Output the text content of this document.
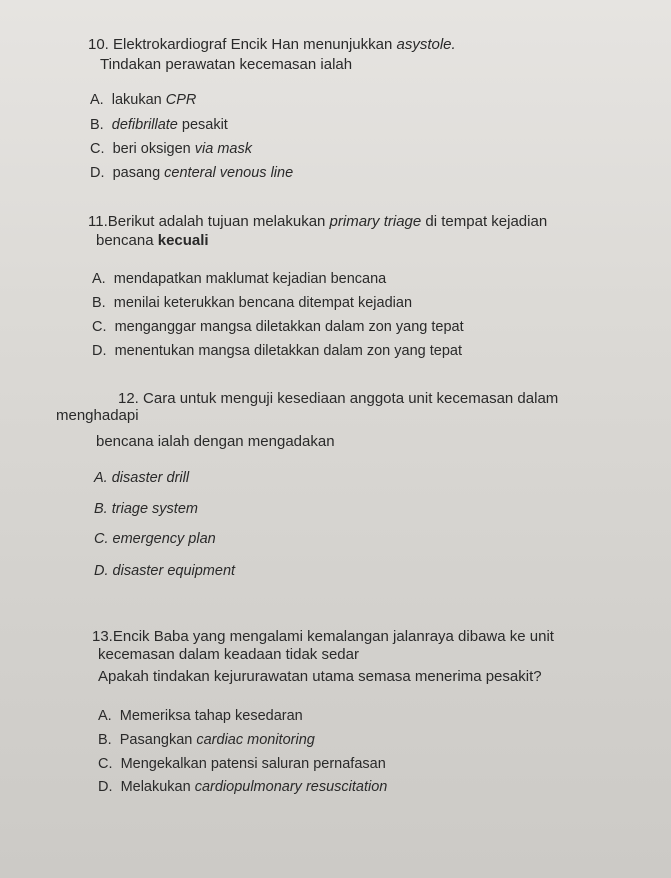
10. Elektrokardiograf Encik Han menunjukkan asystole.
Tindakan perawatan kecemasan ialah
A. lakukan CPR
B. defibrillate pesakit
C. beri oksigen via mask
D. pasang centeral venous line
11.Berikut adalah tujuan melakukan primary triage di tempat kejadian
bencana kecuali
A. mendapatkan maklumat kejadian bencana
B. menilai keterukkan bencana ditempat kejadian
C. menganggar mangsa diletakkan dalam zon yang tepat
D. menentukan mangsa diletakkan dalam zon yang tepat
12. Cara untuk menguji kesediaan anggota unit kecemasan dalam
menghadapi
bencana ialah dengan mengadakan
A. disaster drill
B. triage system
C. emergency plan
D. disaster equipment
13.Encik Baba yang mengalami kemalangan jalanraya dibawa ke unit
kecemasan dalam keadaan tidak sedar
Apakah tindakan kejururawatan utama semasa menerima pesakit?
A. Memeriksa tahap kesedaran
B. Pasangkan cardiac monitoring
C. Mengekalkan patensi saluran pernafasan
D. Melakukan cardiopulmonary resuscitation
